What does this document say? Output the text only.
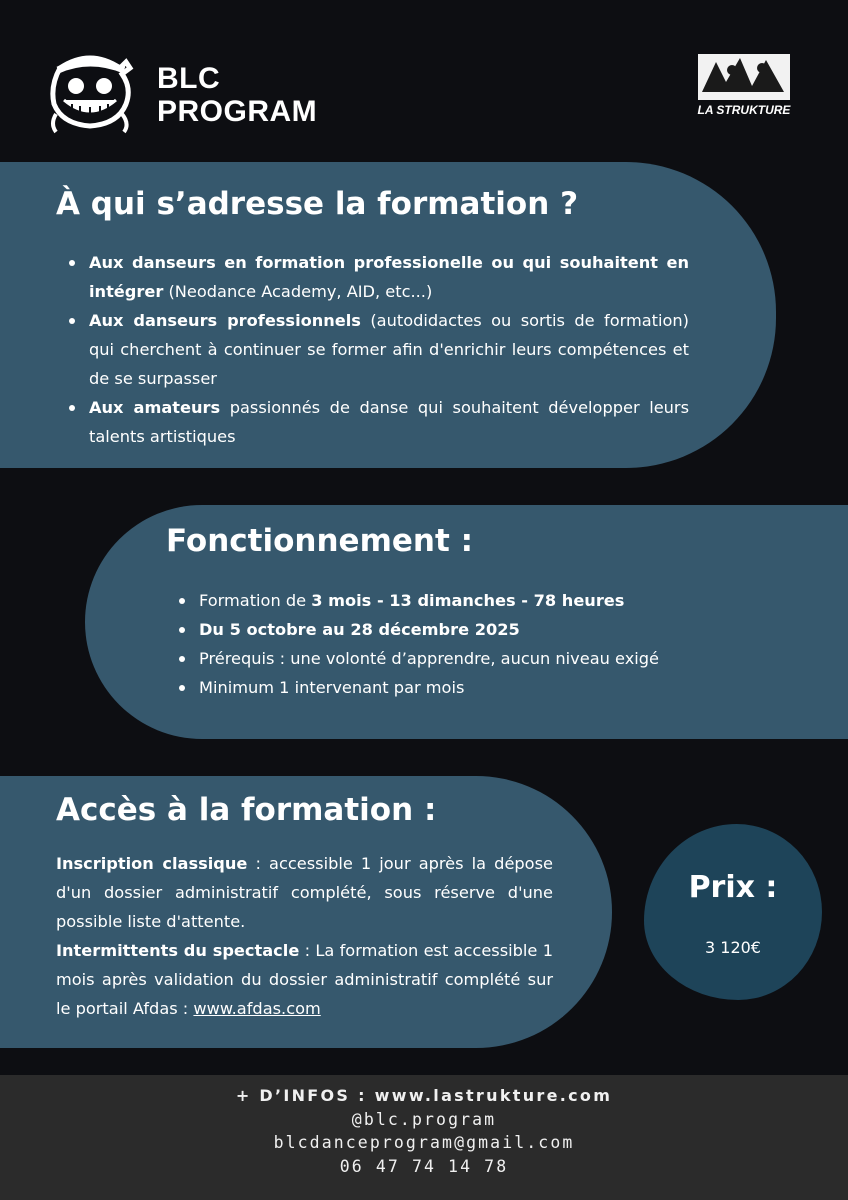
BLC
PROGRAM	LA STRUKTURE
À qui s’adresse la formation ?
Aux danseurs en formation professionelle ou qui souhaitent en intégrer (Neodance Academy, AID, etc...)
Aux danseurs professionnels (autodidactes ou sortis de formation) qui cherchent à continuer se former afin d'enrichir leurs compétences et de se surpasser
Aux amateurs passionnés de danse qui souhaitent développer leurs talents artistiques
Fonctionnement :
Formation de 3 mois - 13 dimanches - 78 heures
Du 5 octobre au 28 décembre 2025
Prérequis : une volonté d’apprendre, aucun niveau exigé
Minimum 1 intervenant par mois
Accès à la formation :

Inscription classique : accessible 1 jour après la dépose d'un dossier administratif complété, sous réserve d'une possible liste d'attente.

Intermittents du spectacle : La formation est accessible 1 mois après validation du dossier administratif complété sur le portail Afdas : www.afdas.com

Prix :
3 120€
+ D’INFOS : www.lastrukture.com
@blc.program
blcdanceprogram@gmail.com
06 47 74 14 78
